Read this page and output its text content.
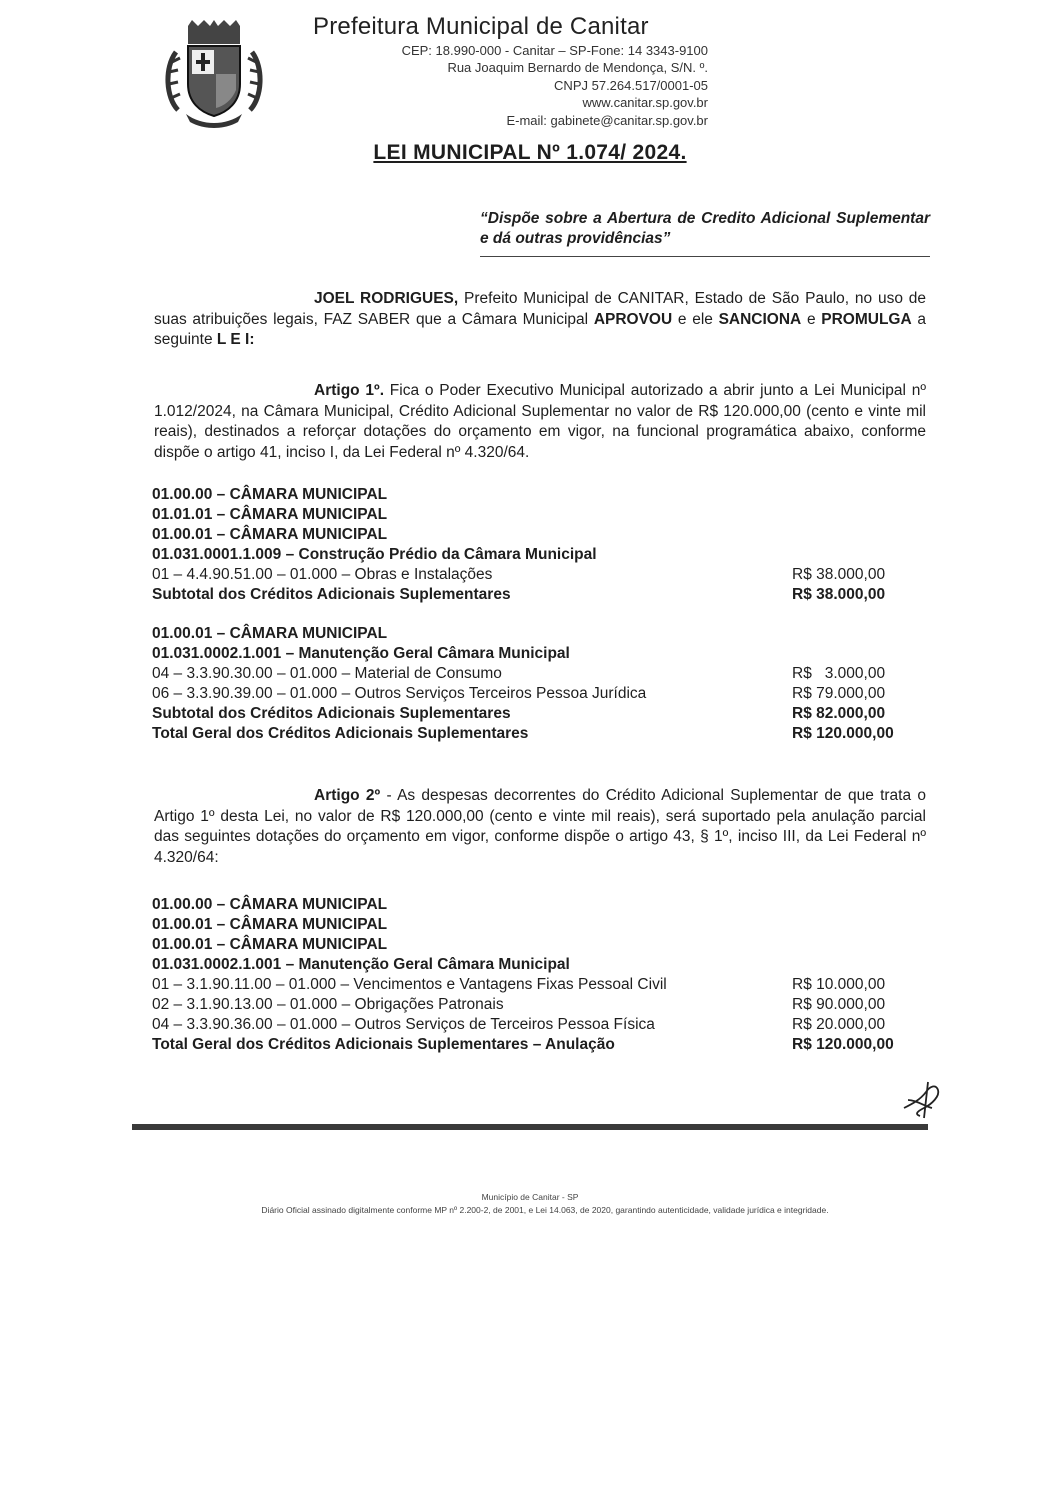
Prefeitura Municipal de Canitar
CEP: 18.990-000 - Canitar – SP-Fone: 14 3343-9100
Rua Joaquim Bernardo de Mendonça, S/N. º.
CNPJ 57.264.517/0001-05
www.canitar.sp.gov.br
E-mail: gabinete@canitar.sp.gov.br
LEI MUNICIPAL Nº 1.074/ 2024.
“Dispõe sobre a Abertura de Credito Adicional Suplementar e dá outras providências”
JOEL RODRIGUES, Prefeito Municipal de CANITAR, Estado de São Paulo, no uso de suas atribuições legais, FAZ SABER que a Câmara Municipal APROVOU e ele SANCIONA e PROMULGA a seguinte L E I:
Artigo 1º. Fica o Poder Executivo Municipal autorizado a abrir junto a Lei Municipal nº 1.012/2024, na Câmara Municipal, Crédito Adicional Suplementar no valor de R$ 120.000,00 (cento e vinte mil reais), destinados a reforçar dotações do orçamento em vigor, na funcional programática abaixo, conforme dispõe o artigo 41, inciso I, da Lei Federal nº 4.320/64.
01.00.00 – CÂMARA MUNICIPAL
01.01.01 – CÂMARA MUNICIPAL
01.00.01 – CÂMARA MUNICIPAL
01.031.0001.1.009 – Construção Prédio da Câmara Municipal
01 – 4.4.90.51.00 – 01.000 – Obras e Instalações	R$ 38.000,00
Subtotal dos Créditos Adicionais Suplementares	R$ 38.000,00
01.00.01 – CÂMARA MUNICIPAL
01.031.0002.1.001 – Manutenção Geral Câmara Municipal
04 – 3.3.90.30.00 – 01.000 – Material de Consumo	R$   3.000,00
06 – 3.3.90.39.00 – 01.000 – Outros Serviços Terceiros Pessoa Jurídica	R$ 79.000,00
Subtotal dos Créditos Adicionais Suplementares	R$ 82.000,00
Total Geral dos Créditos Adicionais Suplementares	R$ 120.000,00
Artigo 2º - As despesas decorrentes do Crédito Adicional Suplementar de que trata o Artigo 1º desta Lei, no valor de R$ 120.000,00 (cento e vinte mil reais), será suportado pela anulação parcial das seguintes dotações do orçamento em vigor, conforme dispõe o artigo 43, § 1º, inciso III, da Lei Federal nº 4.320/64:
01.00.00 – CÂMARA MUNICIPAL
01.00.01 – CÂMARA MUNICIPAL
01.00.01 – CÂMARA MUNICIPAL
01.031.0002.1.001 – Manutenção Geral Câmara Municipal
01 – 3.1.90.11.00 – 01.000 – Vencimentos e Vantagens Fixas Pessoal Civil	R$ 10.000,00
02 – 3.1.90.13.00 – 01.000 – Obrigações Patronais	R$ 90.000,00
04 – 3.3.90.36.00 – 01.000 – Outros Serviços de Terceiros Pessoa Física	R$ 20.000,00
Total Geral dos Créditos Adicionais Suplementares – Anulação	R$ 120.000,00
Município de Canitar - SP
Diário Oficial assinado digitalmente conforme MP nº 2.200-2, de 2001, e Lei 14.063, de 2020, garantindo autenticidade, validade jurídica e integridade.
